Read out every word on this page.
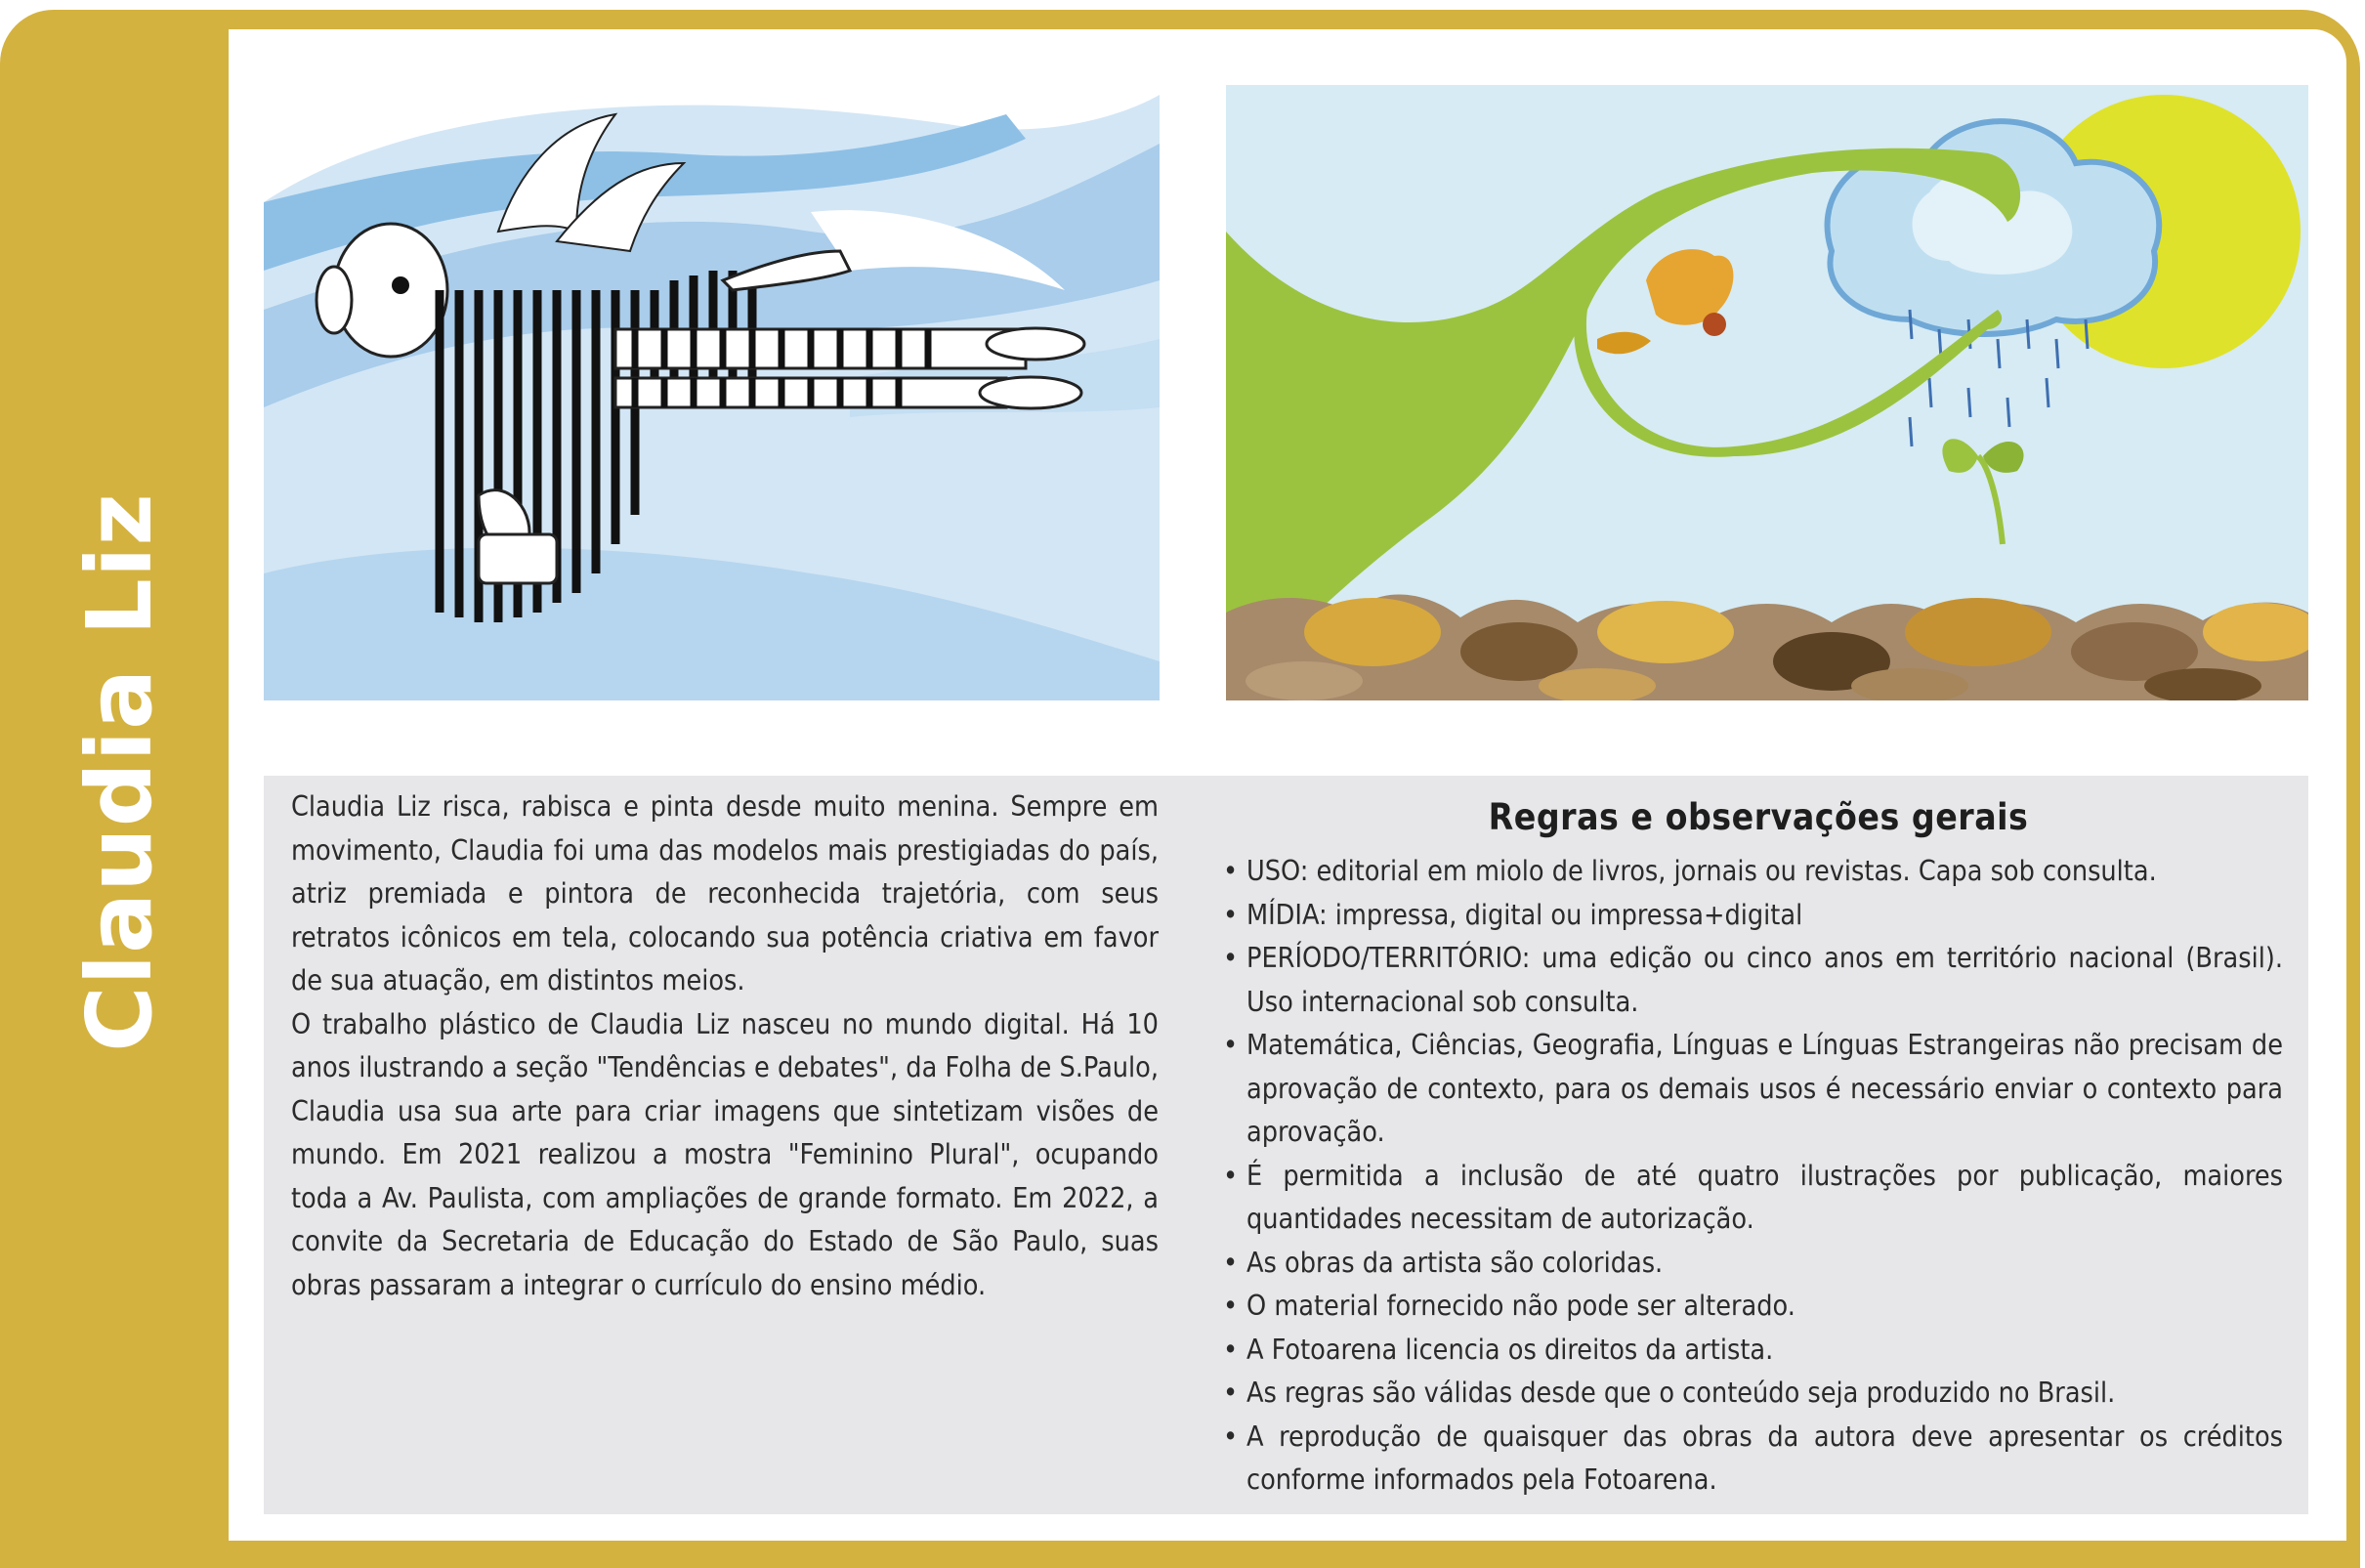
Claudia Liz	Claudia Liz risca, rabisca e pinta desde muito menina. Sempre em movimento, Claudia foi uma das modelos mais prestigiadas do país, atriz premiada e pintora de reconhecida trajetória, com seus retratos icônicos em tela, colocando sua potência criativa em favor de sua atuação, em distintos meios.

O trabalho plástico de Claudia Liz nasceu no mundo digital. Há 10 anos ilustrando a seção "Tendências e debates", da Folha de S.Paulo, Claudia usa sua arte para criar imagens que sintetizam visões de mundo. Em 2021 realizou a mostra "Feminino Plural", ocupando toda a Av. Paulista, com ampliações de grande formato. Em 2022, a convite da Secretaria de Educação do Estado de São Paulo, suas obras passaram a integrar o currículo do ensino médio.

Regras e observações gerais
• USO: editorial em miolo de livros, jornais ou revistas. Capa sob consulta.
• MÍDIA: impressa, digital ou impressa+digital
• PERÍODO/TERRITÓRIO: uma edição ou cinco anos em território nacional (Brasil). Uso internacional sob consulta.
• Matemática, Ciências, Geografia, Línguas e Línguas Estrangeiras não precisam de aprovação de contexto, para os demais usos é necessário enviar o contexto para aprovação.
• É permitida a inclusão de até quatro ilustrações por publicação, maiores quantidades necessitam de autorização.
• As obras da artista são coloridas.
• O material fornecido não pode ser alterado.
• A Fotoarena licencia os direitos da artista.
• As regras são válidas desde que o conteúdo seja produzido no Brasil.
• A reprodução de quaisquer das obras da autora deve apresentar os créditos conforme informados pela Fotoarena.
